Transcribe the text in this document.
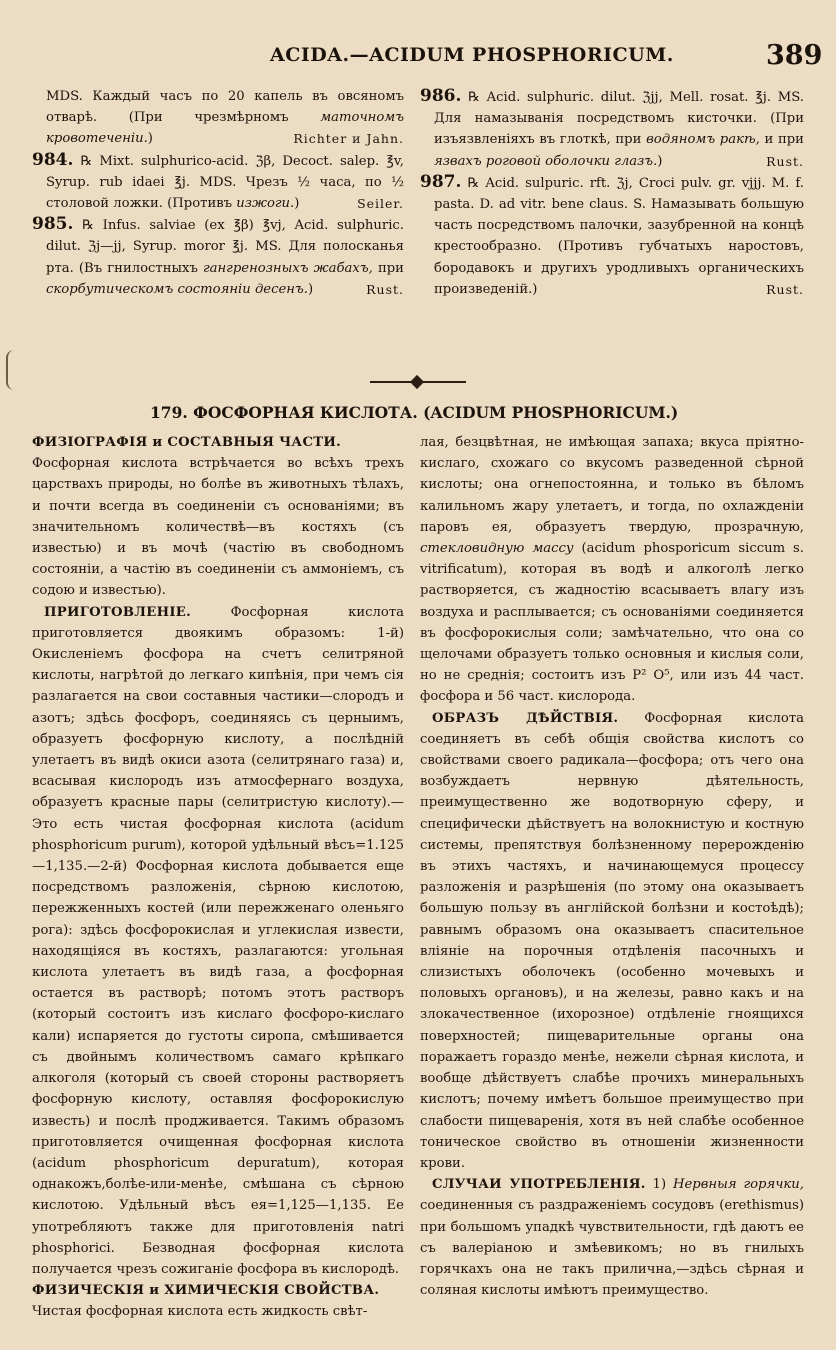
ACIDA.—ACIDUM PHOSPHORICUM.	389

MDS. Каждый часъ по 20 капель въ овсяномъ отварѣ. (При чрезмѣрномъ маточномъ кровотеченіи.)	Richter и Jahn.

984. ℞ Mixt. sulphurico-acid. ℨβ, Decoct. salep. ℥v, Syrup. rub idaei ℥j. MDS. Чрезъ ½ часа, по ½ столовой ложки. (Противъ изжоги.)	Seiler.

985. ℞ Infus. salviae (ex ℥β) ℥vj, Acid. sulphuric. dilut. ℨj—jj, Syrup. moror ℥j. MS. Для полосканья рта. (Въ гнилостныхъ гангренозныхъ жабахъ, при скорбутическомъ состояніи десенъ.)	Rust.

986. ℞ Acid. sulphuric. dilut. ℨjj, Mell. rosat. ℥j. MS. Для намазыванія посредствомъ кисточки. (При изъязвленіяхъ въ глоткѣ, при водяномъ ракѣ, и при язвахъ роговой оболочки глазъ.)	Rust.

987. ℞ Acid. sulpuric. rft. ℨj, Croci pulv. gr. vjjj. M. f. pasta. D. ad vitr. bene claus. S. Намазывать большую часть посредствомъ палочки, зазубренной на концѣ крестообразно. (Противъ губчатыхъ наростовъ, бородавокъ и другихъ уродливыхъ органическихъ произведеній.)	Rust.

179. ФОСФОРНАЯ КИСЛОТА. (ACIDUM PHOSPHORICUM.)

ФИЗІОГРАФІЯ и СОСТАВНЫЯ ЧАСТИ.

Фосфорная кислота встрѣчается во всѣхъ трехъ царствахъ природы, но болѣе въ животныхъ тѣлахъ, и почти всегда въ соединеніи съ основаніями; въ значительномъ количествѣ—въ костяхъ (съ известью) и въ мочѣ (частію въ свободномъ состояніи, а частію въ соединеніи съ аммоніемъ, съ содою и известью).

ПРИГОТОВЛЕНІЕ. Фосфорная кислота приготовляется двоякимъ образомъ: 1-й) Окисленіемъ фосфора на счетъ селитряной кислоты, нагрѣтой до легкаго кипѣнія, при чемъ сія разлагается на свои составныя частики—слородъ и азотъ; здѣсь фосфоръ, соединяясь съ церныимъ, образуетъ фосфорную кислоту, а послѣдній улетаетъ въ видѣ окиси азота (селитрянаго газа) и, всасывая кислородъ изъ атмосфернаго воздуха, образуетъ красные пары (селитристую кислоту).—Это есть чистая фосфорная кислота (acidum phosphoricum purum), которой удѣльный вѣсъ=1.125—1,135.—2-й) Фосфорная кислота добывается еще посредствомъ разложенія, сѣрною кислотою, пережженныхъ костей (или пережженаго оленьяго рога): здѣсь фосфорокислая и углекислая извести, находящіяся въ костяхъ, разлагаются: угольная кислота улетаетъ въ видѣ газа, а фосфорная остается въ растворѣ; потомъ этотъ растворъ (который состоитъ изъ кислаго фосфоро-кислаго кали) испаряется до густоты сиропа, смѣшивается съ двойнымъ количествомъ самаго крѣпкаго алкоголя (который съ своей стороны растворяетъ фосфорную кислоту, оставляя фосфорокислую известь) и послѣ продживается. Такимъ образомъ приготовляется очищенная фосфорная кислота (acidum phosphoricum depuratum), которая однакожъ,болѣе-или-менѣе, смѣшана съ сѣрною кислотою. Удѣльный вѣсъ ея=1,125—1,135. Ее употребляютъ также для приготовленія natri phosphorici. Безводная фосфорная кислота получается чрезъ сожиганіе фосфора въ кислородѣ.

ФИЗИЧЕСКІЯ и ХИМИЧЕСКІЯ СВОЙСТВА.

Чистая фосфорная кислота есть жидкость свѣт-

лая, безцвѣтная, не имѣющая запаха; вкуса пріятно-кислаго, схожаго со вкусомъ разведенной сѣрной кислоты; она огнепостоянна, и только въ бѣломъ калильномъ жару улетаетъ, и тогда, по охлажденіи паровъ ея, образуетъ твердую, прозрачную, стекловидную массу (acidum phosporicum siccum s. vitrificatum), которая въ водѣ и алкоголѣ легко растворяется, съ жадностію всасываетъ влагу изъ воздуха и расплывается; съ основаніями соединяется въ фосфорокислыя соли; замѣчательно, что она со щелочами образуетъ только основныя и кислыя соли, но не среднія; состоитъ изъ P² O⁵, или изъ 44 част. фосфора и 56 част. кислорода.

ОБРАЗЪ ДѢЙСТВІЯ. Фосфорная кислота соединяетъ въ себѣ общія свойства кислотъ со свойствами своего радикала—фосфора; отъ чего она возбуждаетъ нервную дѣятельность, преимущественно же водотворную сферу, и специфически дѣйствуетъ на волокнистую и костную системы, препятствуя болѣзненному перерожденію въ этихъ частяхъ, и начинающемуся процессу разложенія и разрѣшенія (по этому она оказываетъ большую пользу въ англійской болѣзни и костоѣдѣ); равнымъ образомъ она оказываетъ спасительное вліяніе на порочныя отдѣленія пасочныхъ и слизистыхъ оболочекъ (особенно мочевыхъ и половыхъ органовъ), и на железы, равно какъ и на злокачественное (ихорозное) отдѣленіе гноящихся поверхностей; пищеварительные органы она поражаетъ гораздо менѣе, нежели сѣрная кислота, и вообще дѣйствуетъ слабѣе прочихъ минеральныхъ кислотъ; почему имѣетъ большое преимущество при слабости пищеваренія, хотя въ ней слабѣе особенное тоническое свойство въ отношеніи жизненности крови.

СЛУЧАИ УПОТРЕБЛЕНІЯ. 1) Нервныя горячки, соединенныя съ раздраженіемъ сосудовъ (erethismus) при большомъ упадкѣ чувствительности, гдѣ даютъ ее съ валеріаною и змѣевикомъ; но въ гнилыхъ горячкахъ она не такъ прилична,—здѣсь сѣрная и соляная кислоты имѣютъ преимущество.
